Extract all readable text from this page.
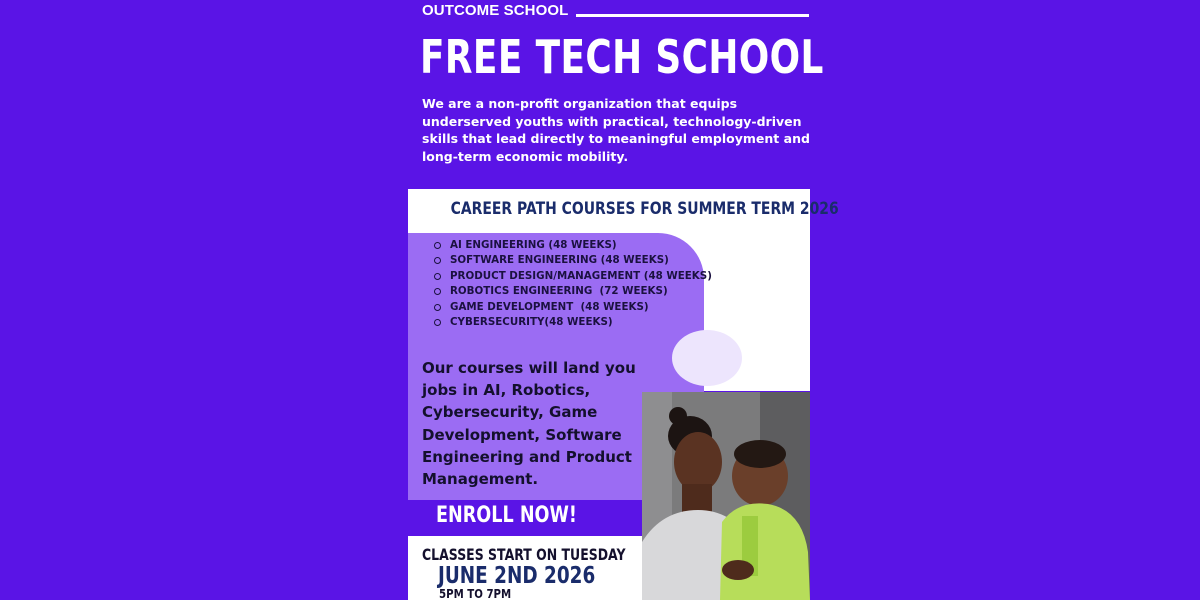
OUTCOME SCHOOL
FREE TECH SCHOOL
We are a non-profit organization that equips underserved youths with practical, technology-driven skills that lead directly to meaningful employment and long-term economic mobility.
CAREER PATH COURSES FOR SUMMER TERM 2026
AI ENGINEERING (48 WEEKS)
SOFTWARE ENGINEERING (48 WEEKS)
PRODUCT DESIGN/MANAGEMENT (48 WEEKS)
ROBOTICS ENGINEERING  (72 WEEKS)
GAME DEVELOPMENT  (48 WEEKS)
CYBERSECURITY(48 WEEKS)
Our courses will land you jobs in AI, Robotics, Cybersecurity, Game Development, Software Engineering and Product Management.
ENROLL NOW!
CLASSES START ON TUESDAY
JUNE 2ND 2026
5PM TO 7PM
